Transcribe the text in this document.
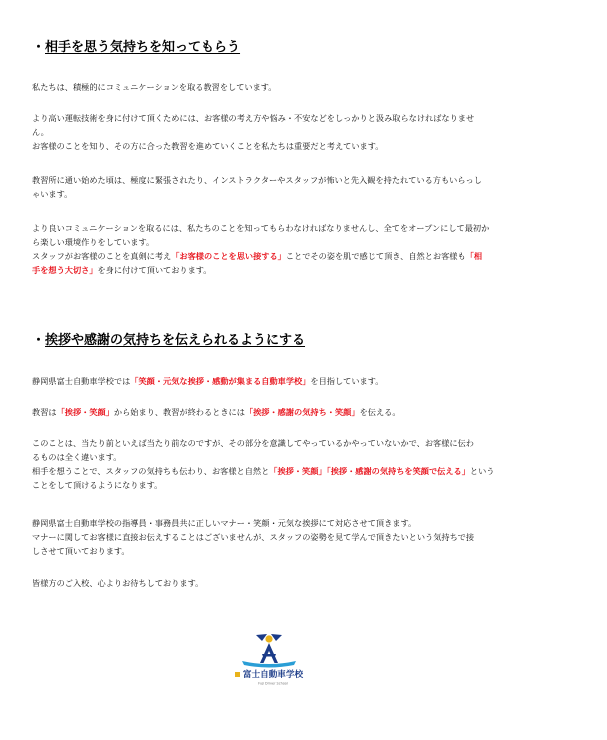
・相手を思う気持ちを知ってもらう

私たちは、積極的にコミュニケーションを取る教習をしています。

より高い運転技術を身に付けて頂くためには、お客様の考え方や悩み・不安などをしっかりと汲み取らなければなりませ
ん。
お客様のことを知り、その方に合った教習を進めていくことを私たちは重要だと考えています。
教習所に通い始めた頃は、極度に緊張されたり、インストラクターやスタッフが怖いと先入観を持たれている方もいらっし
ゃいます。
より良いコミュニケーションを取るには、私たちのことを知ってもらわなければなりませんし、全てをオープンにして最初か
ら楽しい環境作りをしています。
スタッフがお客様のことを真剣に考え「お客様のことを思い接する」ことでその姿を肌で感じて頂き、自然とお客様も「相
手を想う大切さ」を身に付けて頂いております。
・挨拶や感謝の気持ちを伝えられるようにする
静岡県富士自動車学校では「笑顔・元気な挨拶・感動が集まる自動車学校」を目指しています。
教習は「挨拶・笑顔」から始まり、教習が終わるときには「挨拶・感謝の気持ち・笑顔」を伝える。
このことは、当たり前といえば当たり前なのですが、その部分を意識してやっているかやっていないかで、お客様に伝わ
るものは全く違います。
相手を想うことで、スタッフの気持ちも伝わり、お客様と自然と「挨拶・笑顔」「挨拶・感謝の気持ちを笑顔で伝える」という
ことをして頂けるようになります。
静岡県富士自動車学校の指導員・事務員共に正しいマナー・笑顔・元気な挨拶にて対応させて頂きます。
マナーに関してお客様に直接お伝えすることはございませんが、スタッフの姿勢を見て学んで頂きたいという気持ちで接
しさせて頂いております。

皆様方のご入校、心よりお待ちしております。

富士自動車学校
Fuji Driver School
